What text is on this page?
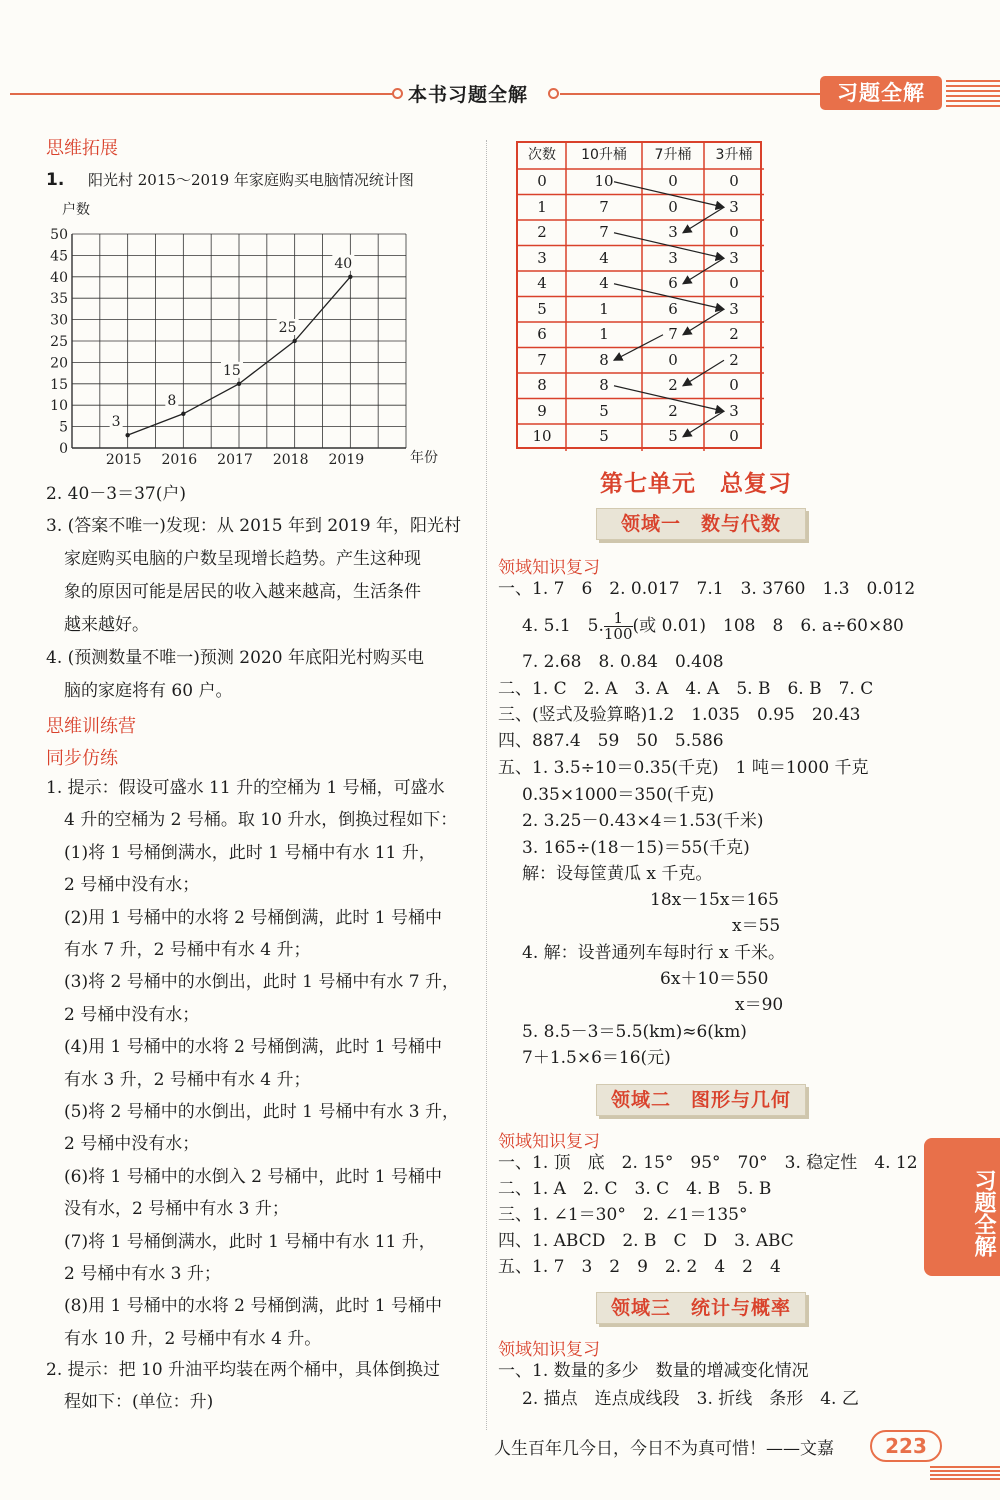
本书习题全解	习题全解
思维拓展
1. 阳光村 2015～2019 年家庭购买电脑情况统计图
0
5
10
15
20
25
30
35
40
45
50
2015 2016 2017 2018 2019
3
8
15
25
40
户数
年份
2. 40－3＝37(户)
3. (答案不唯一)发现：从 2015 年到 2019 年，阳光村
家庭购买电脑的户数呈现增长趋势。产生这种现
象的原因可能是居民的收入越来越高，生活条件
越来越好。
4. (预测数量不唯一)预测 2020 年底阳光村购买电
脑的家庭将有 60 户。
思维训练营
同步仿练
1. 提示：假设可盛水 11 升的空桶为 1 号桶，可盛水
4 升的空桶为 2 号桶。取 10 升水，倒换过程如下：
(1)将 1 号桶倒满水，此时 1 号桶中有水 11 升，
2 号桶中没有水；
(2)用 1 号桶中的水将 2 号桶倒满，此时 1 号桶中
有水 7 升，2 号桶中有水 4 升；
(3)将 2 号桶中的水倒出，此时 1 号桶中有水 7 升，
2 号桶中没有水；
(4)用 1 号桶中的水将 2 号桶倒满，此时 1 号桶中
有水 3 升，2 号桶中有水 4 升；
(5)将 2 号桶中的水倒出，此时 1 号桶中有水 3 升，
2 号桶中没有水；
(6)将 1 号桶中的水倒入 2 号桶中，此时 1 号桶中
没有水，2 号桶中有水 3 升；
(7)将 1 号桶倒满水，此时 1 号桶中有水 11 升，
2 号桶中有水 3 升；
(8)用 1 号桶中的水将 2 号桶倒满，此时 1 号桶中
有水 10 升，2 号桶中有水 4 升。
2. 提示：把 10 升油平均装在两个桶中，具体倒换过
程如下：(单位：升)
次数	10升桶	7升桶	3升桶
0	10	0	0
1	7	0	3
2	7	3	0
3	4	3	3
4	4	6	0
5	1	6	3
6	1	7	2
7	8	0	2
8	8	2	0
9	5	2	3
10	5	5	0
第七单元　总复习
领域一　数与代数
领域知识复习
一、1. 7　6　2. 0.017　7.1　3. 3760　1.3　0.012
4. 5.1　5. $\frac{1}{100}$ (或 0.01)　108　8　6. a÷60×80
7. 2.68　8. 0.84　0.408
二、1. C　2. A　3. A　4. A　5. B　6. B　7. C
三、(竖式及验算略)1.2　1.035　0.95　20.43
四、887.4　59　50　5.586
五、1. 3.5÷10＝0.35(千克)　1 吨＝1000 千克
0.35×1000＝350(千克)
2. 3.25－0.43×4＝1.53(千米)
3. 165÷(18－15)＝55(千克)
解：设每筐黄瓜 x 千克。
18x－15x＝165
x＝55
4. 解：设普通列车每时行 x 千米。
6x＋10＝550
x＝90
5. 8.5－3＝5.5(km)≈6(km)
7＋1.5×6＝16(元)
领域二　图形与几何
领域知识复习
一、1. 顶　底　2. 15°　95°　70°　3. 稳定性　4. 12
二、1. A　2. C　3. C　4. B　5. B
三、1. ∠1＝30°　2. ∠1＝135°
四、1. ABCD　2. B　C　D　3. ABC
五、1. 7　3　2　9　2. 2　4　2　4
领域三　统计与概率
领域知识复习
一、1. 数量的多少　数量的增减变化情况
2. 描点　连点成线段　3. 折线　条形　4. 乙
习题全解
人生百年几今日，今日不为真可惜！——文嘉	223
